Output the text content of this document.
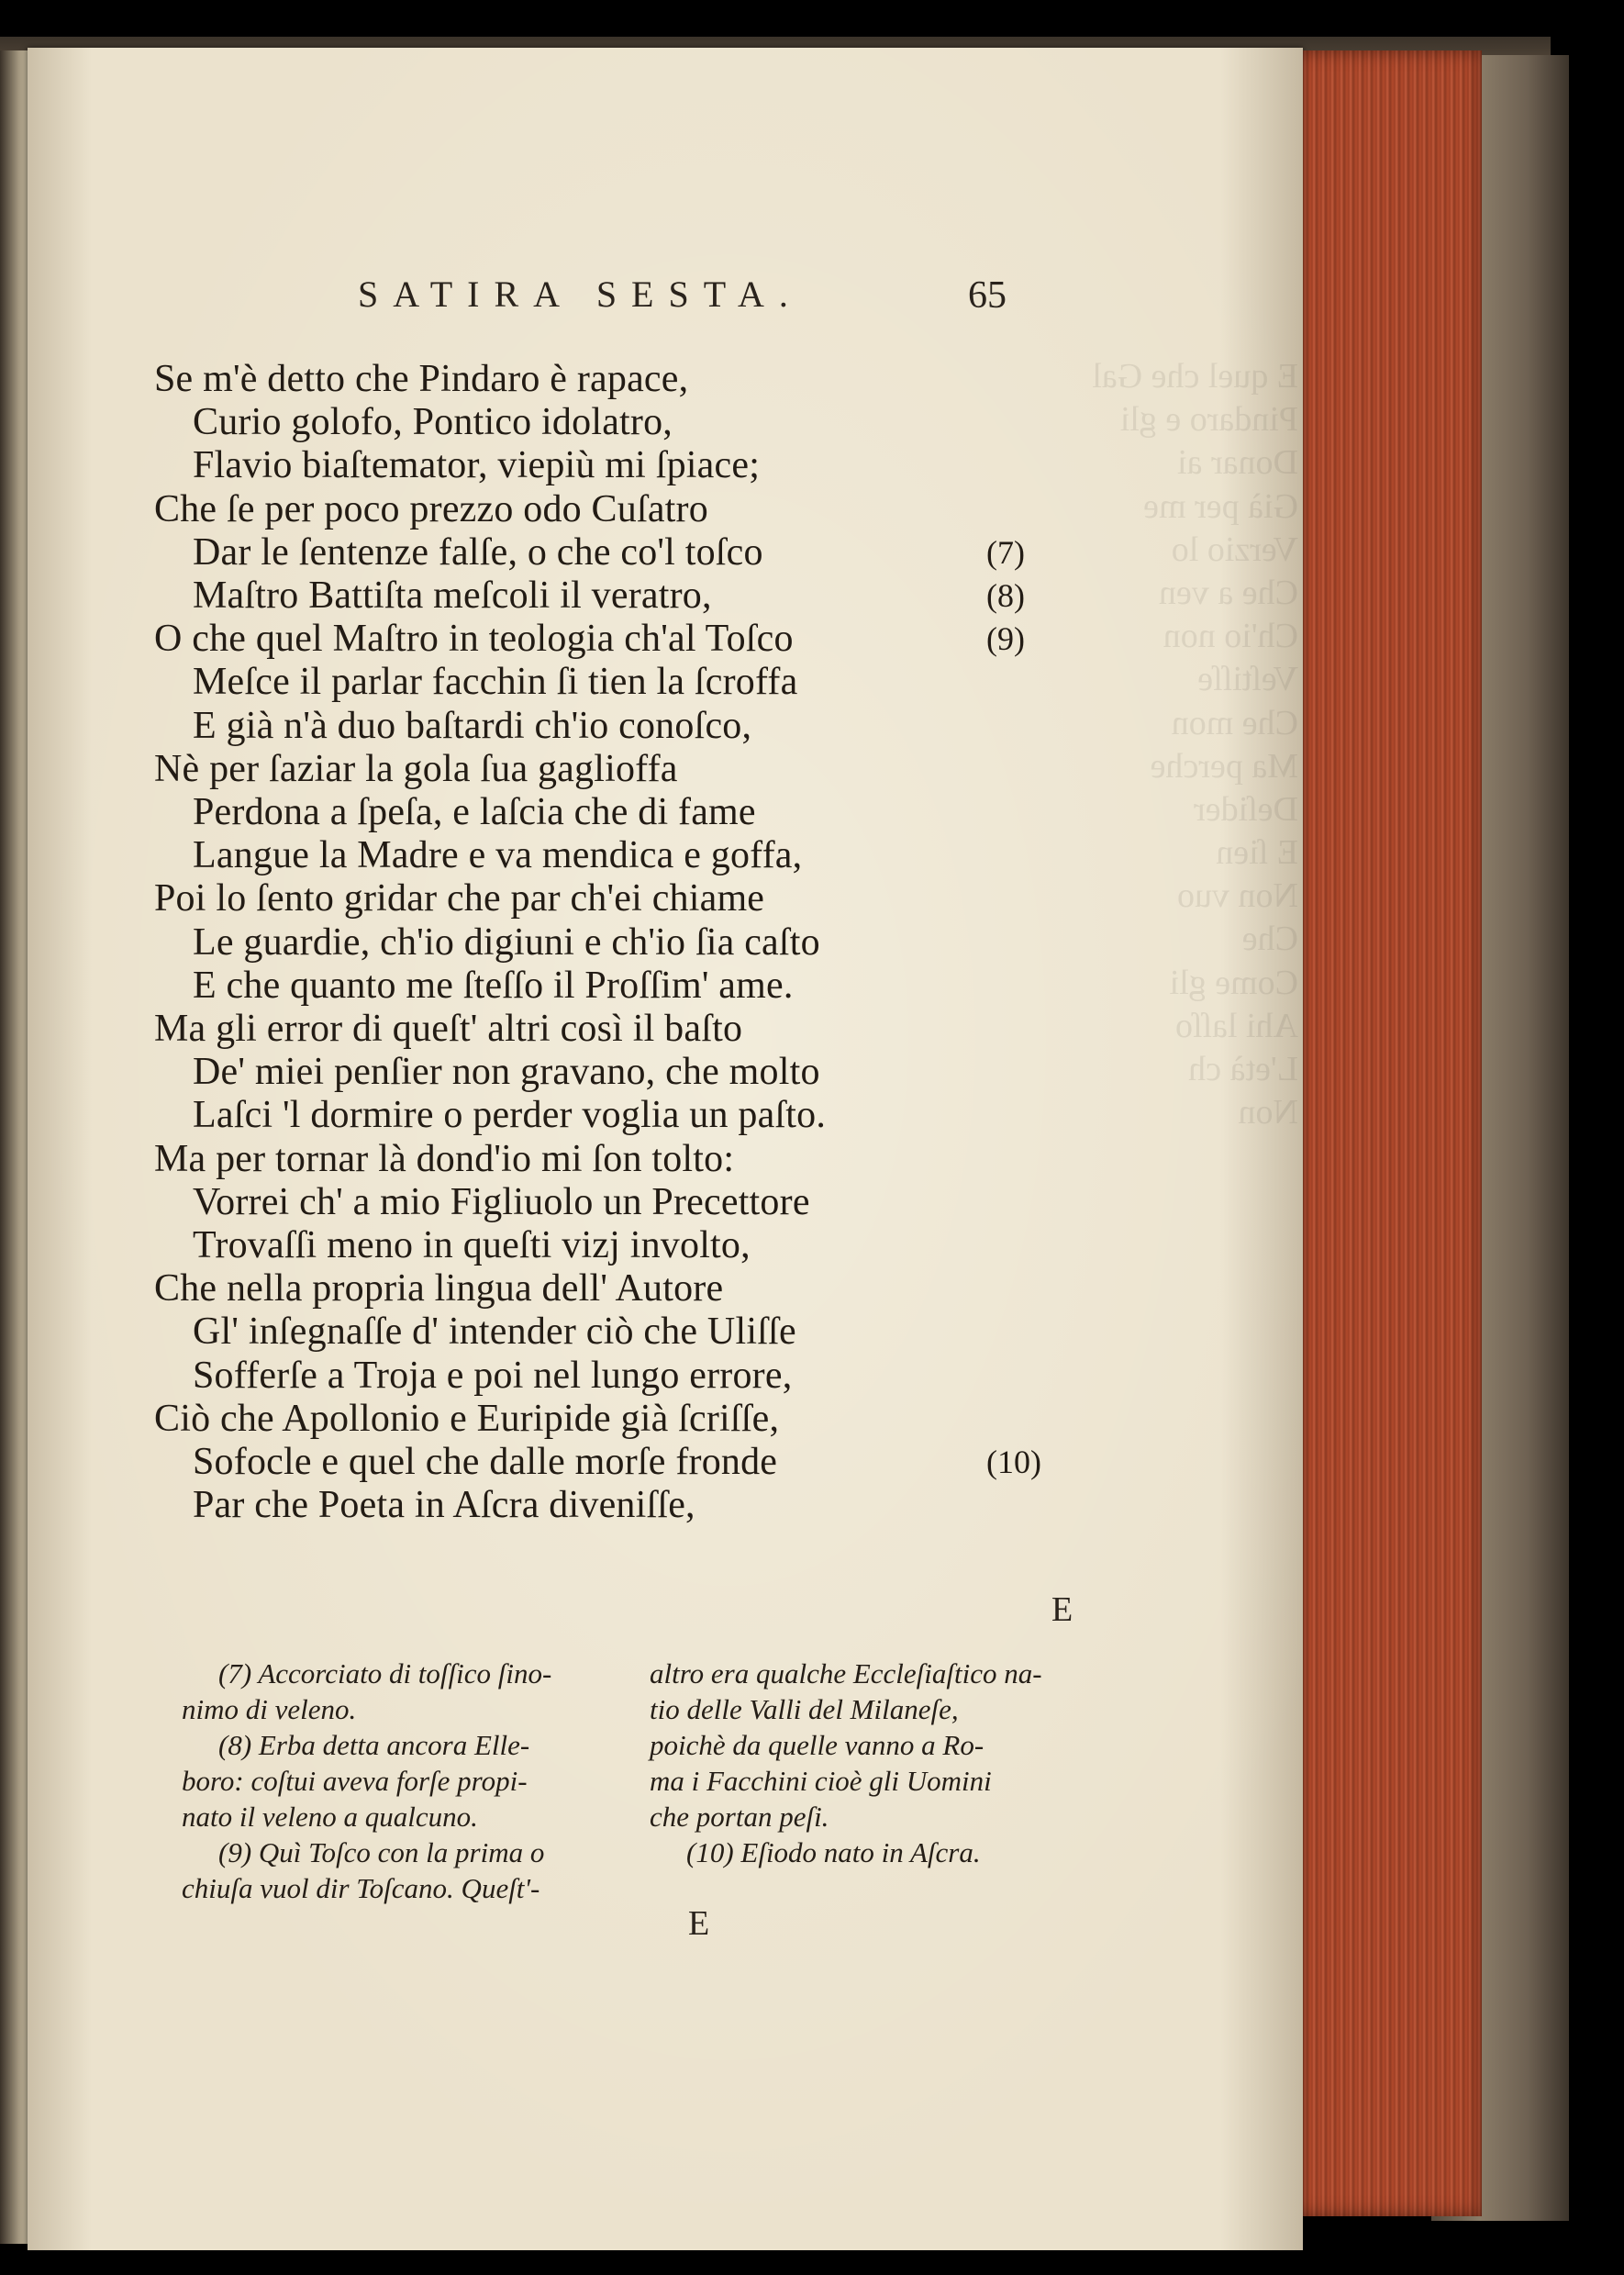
E quel che Gal
Pindaro e gli
Donar ai
Già per me
Verzio lo
Che a ven
Ch'io non
Veſtiſſe
Che mon
Ma perche
Deſider
E ſien
Non vuo
Che
Come gli
Ahi laſſo
L'età ch
Non
SATIRA SESTA.	65
Se m'è detto che Pindaro è rapace,
Curio golofo, Pontico idolatro,
Flavio biaſtemator, viepiù mi ſpiace;
Che ſe per poco prezzo odo Cuſatro
Dar le ſentenze falſe, o che co'l toſco	(7)
Maſtro Battiſta meſcoli il veratro,	(8)
O che quel Maſtro in teologia ch'al Toſco	(9)
Meſce il parlar facchin ſi tien la ſcroffa
E già n'à duo baſtardi ch'io conoſco,
Nè per ſaziar la gola ſua gaglioffa
Perdona a ſpeſa, e laſcia che di fame
Langue la Madre e va mendica e goffa,
Poi lo ſento gridar che par ch'ei chiame
Le guardie, ch'io digiuni e ch'io ſia caſto
E che quanto me ſteſſo il Proſſim' ame.
Ma gli error di queſt' altri così il baſto
De' miei penſier non gravano, che molto
Laſci 'l dormire o perder voglia un paſto.
Ma per tornar là dond'io mi ſon tolto:
Vorrei ch' a mio Figliuolo un Precettore
Trovaſſi meno in queſti vizj involto,
Che nella propria lingua dell' Autore
Gl' inſegnaſſe d' intender ciò che Uliſſe
Sofferſe a Troja e poi nel lungo errore,
Ciò che Apollonio e Euripide già ſcriſſe,
Sofocle e quel che dalle morſe fronde	(10)
Par che Poeta in Aſcra diveniſſe,
E
(7) Accorciato di toſſico ſino-
nimo di veleno.
(8) Erba detta ancora Elle-
boro: coſtui aveva forſe propi-
nato il veleno a qualcuno.
(9) Quì Toſco con la prima o
chiuſa vuol dir Toſcano. Queſt'-
altro era qualche Eccleſiaſtico na-
tio delle Valli del Milaneſe,
poichè da quelle vanno a Ro-
ma i Facchini cioè gli Uomini
che portan peſi.
(10) Eſiodo nato in Aſcra.
E
